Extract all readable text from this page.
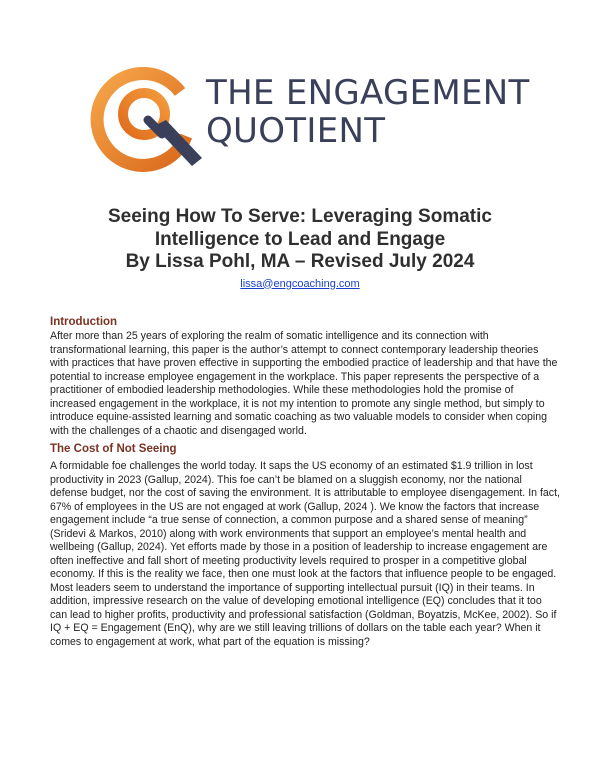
THE ENGAGEMENT
QUOTIENT
Seeing How To Serve: Leveraging Somatic
Intelligence to Lead and Engage
By Lissa Pohl, MA – Revised July 2024
lissa@engcoaching.com
Introduction

After more than 25 years of exploring the realm of somatic intelligence and its connection with transformational learning, this paper is the author’s attempt to connect contemporary leadership theories with practices that have proven effective in supporting the embodied practice of leadership and that have the potential to increase employee engagement in the workplace. This paper represents the perspective of a practitioner of embodied leadership methodologies. While these methodologies hold the promise of increased engagement in the workplace, it is not my intention to promote any single method, but simply to introduce equine-assisted learning and somatic coaching as two valuable models to consider when coping with the challenges of a chaotic and disengaged world.

The Cost of Not Seeing

A formidable foe challenges the world today. It saps the US economy of an estimated $1.9 trillion in lost productivity in 2023 (Gallup, 2024). This foe can’t be blamed on a sluggish economy, nor the national defense budget, nor the cost of saving the environment. It is attributable to employee disengagement. In fact, 67% of employees in the US are not engaged at work (Gallup, 2024 ). We know the factors that increase engagement include “a true sense of connection, a common purpose and a shared sense of meaning” (Sridevi & Markos, 2010) along with work environments that support an employee’s mental health and wellbeing (Gallup, 2024). Yet efforts made by those in a position of leadership to increase engagement are often ineffective and fall short of meeting productivity levels required to prosper in a competitive global economy. If this is the reality we face, then one must look at the factors that influence people to be engaged. Most leaders seem to understand the importance of supporting intellectual pursuit (IQ) in their teams. In addition, impressive research on the value of developing emotional intelligence (EQ) concludes that it too can lead to higher profits, productivity and professional satisfaction (Goldman, Boyatzis, McKee, 2002). So if IQ + EQ = Engagement (EnQ), why are we still leaving trillions of dollars on the table each year? When it comes to engagement at work, what part of the equation is missing?
